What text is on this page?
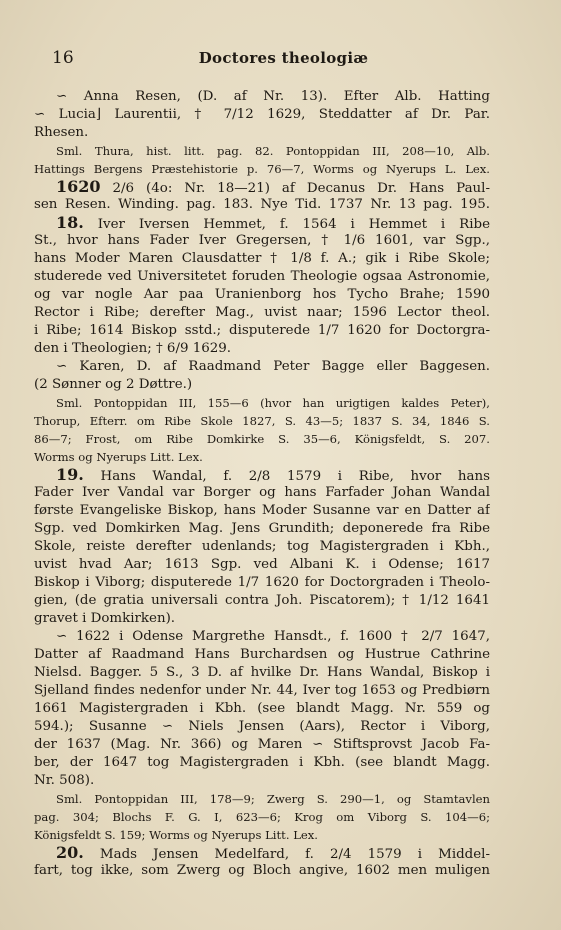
16	Doctores theologiæ
∽ Anna Resen, (D. af Nr. 13). Efter Alb. Hatting
∽ Lucia⌋ Laurentii, † 7/12 1629, Steddatter af Dr. Par.
Rhesen.
Sml. Thura, hist. litt. pag. 82. Pontoppidan III, 208—10, Alb.
Hattings Bergens Præstehistorie p. 76—7, Worms og Nyerups L. Lex.
1620 2/6 (4o: Nr. 18—21) af Decanus Dr. Hans Paul-
sen Resen. Winding. pag. 183. Nye Tid. 1737 Nr. 13 pag. 195.
18. Iver Iversen Hemmet, f. 1564 i Hemmet i Ribe
St., hvor hans Fader Iver Gregersen, † 1/6 1601, var Sgp.,
hans Moder Maren Clausdatter † 1/8 f. A.; gik i Ribe Skole;
studerede ved Universitetet foruden Theologie ogsaa Astronomie,
og var nogle Aar paa Uranienborg hos Tycho Brahe; 1590
Rector i Ribe; derefter Mag., uvist naar; 1596 Lector theol.
i Ribe; 1614 Biskop sstd.; disputerede 1/7 1620 for Doctorgra-
den i Theologien; † 6/9 1629.
∽ Karen, D. af Raadmand Peter Bagge eller Baggesen.
(2 Sønner og 2 Døttre.)
Sml. Pontoppidan III, 155—6 (hvor han urigtigen kaldes Peter),
Thorup, Efterr. om Ribe Skole 1827, S. 43—5; 1837 S. 34, 1846 S.
86—7; Frost, om Ribe Domkirke S. 35—6, Königsfeldt, S. 207.
Worms og Nyerups Litt. Lex.
19. Hans Wandal, f. 2/8 1579 i Ribe, hvor hans
Fader Iver Vandal var Borger og hans Farfader Johan Wandal
første Evangeliske Biskop, hans Moder Susanne var en Datter af
Sgp. ved Domkirken Mag. Jens Grundith; deponerede fra Ribe
Skole, reiste derefter udenlands; tog Magistergraden i Kbh.,
uvist hvad Aar; 1613 Sgp. ved Albani K. i Odense; 1617
Biskop i Viborg; disputerede 1/7 1620 for Doctorgraden i Theolo-
gien, (de gratia universali contra Joh. Piscatorem); † 1/12 1641
gravet i Domkirken).
∽ 1622 i Odense Margrethe Hansdt., f. 1600 † 2/7 1647,
Datter af Raadmand Hans Burchardsen og Hustrue Cathrine
Nielsd. Bagger. 5 S., 3 D. af hvilke Dr. Hans Wandal, Biskop i
Sjelland findes nedenfor under Nr. 44, Iver tog 1653 og Predbiørn
1661 Magistergraden i Kbh. (see blandt Magg. Nr. 559 og
594.); Susanne ∽ Niels Jensen (Aars), Rector i Viborg,
der 1637 (Mag. Nr. 366) og Maren ∽ Stiftsprovst Jacob Fa-
ber, der 1647 tog Magistergraden i Kbh. (see blandt Magg.
Nr. 508).
Sml. Pontoppidan III, 178—9; Zwerg S. 290—1, og Stamtavlen
pag. 304; Blochs F. G. I, 623—6; Krog om Viborg S. 104—6;
Königsfeldt S. 159; Worms og Nyerups Litt. Lex.
20. Mads Jensen Medelfard, f. 2/4 1579 i Middel-
fart, tog ikke, som Zwerg og Bloch angive, 1602 men muligen
